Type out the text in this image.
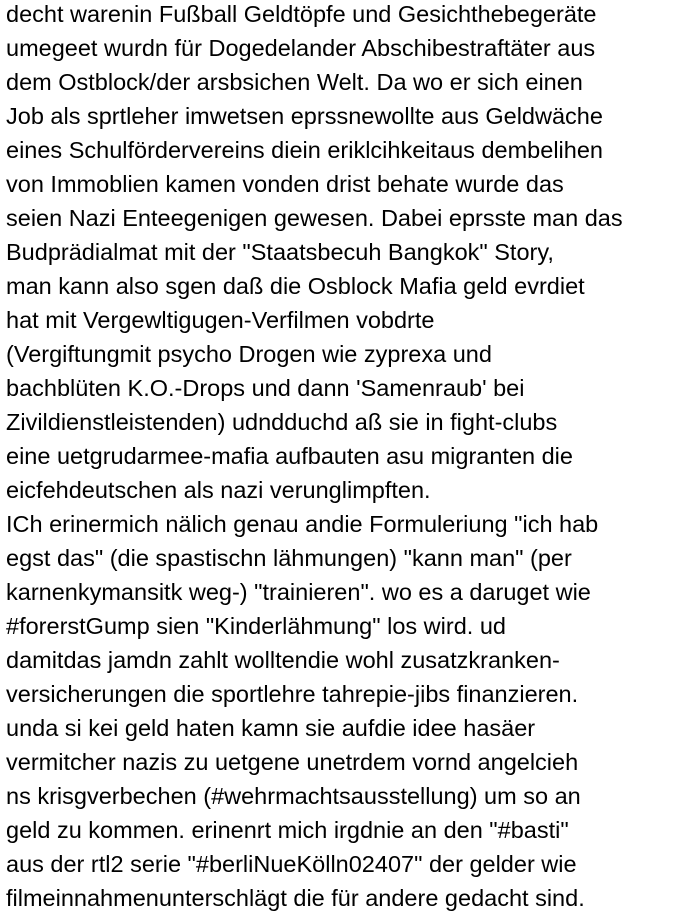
decht warenin Fußball Geldtöpfe und Gesichthebegeräte
umegeet wurdn für Dogedelander Abschibestraftäter aus
dem Ostblock/der arsbsichen Welt. Da wo er sich einen
Job als sprtleher imwetsen eprssnewollte aus Geldwäche
eines Schulfördervereins diein eriklcihkeitaus dembelihen
von Immoblien kamen vonden drist behate wurde das
seien Nazi Enteegenigen gewesen. Dabei eprsste man das
Budprädialmat mit der "Staatsbecuh Bangkok" Story,
man kann also sgen daß die Osblock Mafia geld evrdiet
hat mit Vergewltigugen-Verfilmen vobdrte
(Vergiftungmit psycho Drogen wie zyprexa und
bachblüten K.O.-Drops und dann 'Samenraub' bei
Zivildienstleistenden) udndduchd aß sie in fight-clubs
eine uetgrudarmee-mafia aufbauten asu migranten die
eicfehdeutschen als nazi verunglimpften.
ICh erinermich nälich genau andie Formuleriung "ich hab
egst das" (die spastischn lähmungen) "kann man" (per
karnenkymansitk weg-) "trainieren". wo es a daruget wie
#forerstGump sien "Kinderlähmung" los wird. ud
damitdas jamdn zahlt wolltendie wohl zusatzkranken-
versicherungen die sportlehre tahrepie-jibs finanzieren.
unda si kei geld haten kamn sie aufdie idee hasäer
vermitcher nazis zu uetgene unetrdem vornd angelcieh
ns krisgverbechen (#wehrmachtsausstellung) um so an
geld zu kommen. erinenrt mich irgdnie an den "#basti"
aus der rtl2 serie "#berliNueKölln02407" der gelder wie
filmeinnahmenunterschlägt die für andere gedacht sind.
